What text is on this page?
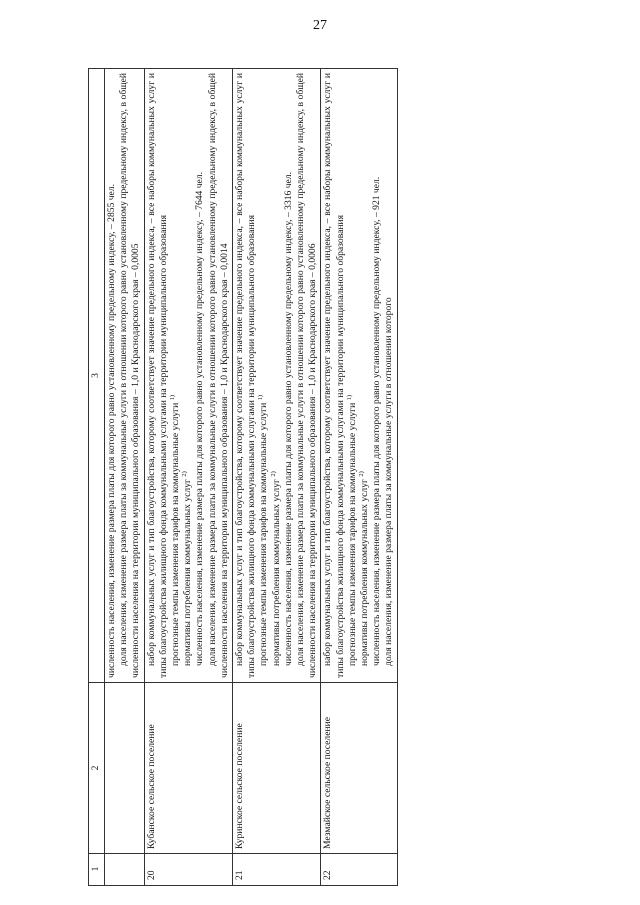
27
1	2	3

		численность населения, изменение размера платы для которого равно установленному предельному индексу, – 2855 чел. доля населения, изменение размера платы за коммунальные услуги в отношении которого равно установленному предельному индексу, в общей численности населения на территории муниципального образования – 1,0 и Краснодарского края – 0,0005

20	Кубанское сельское поселение	набор коммунальных услуг и тип благоустройства, которому соответствует значение предельного индекса, – все наборы коммунальных услуг и типы благоустройства жилищного фонда коммунальными услугами на территории муниципального образования прогнозные темпы изменения тарифов на коммунальные услуги $^{1)}$

нормативы потребления коммунальных услуг $^{2)}$ численность населения, изменение размера платы для которого равно установленному предельному индексу, – 7644 чел. доля населения, изменение размера платы за коммунальные услуги в отношении которого равно установленному предельному индексу, в общей численности населения на территории муниципального образования – 1,0 и Краснодарского края – 0,0014

21	Куринское сельское поселение	набор коммунальных услуг и тип благоустройства, которому соответствует значение предельного индекса, – все наборы коммунальных услуг и типы благоустройства жилищного фонда коммунальными услугами на территории муниципального образования прогнозные темпы изменения тарифов на коммунальные услуги $^{1)}$

нормативы потребления коммунальных услуг $^{2)}$ численность населения, изменение размера платы для которого равно установленному предельному индексу, – 3316 чел. доля населения, изменение размера платы за коммунальные услуги в отношении которого равно установленному предельному индексу, в общей численности населения на территории муниципального образования – 1,0 и Краснодарского края – 0,0006

22	Мезмайское сельское поселение	набор коммунальных услуг и тип благоустройства, которому соответствует значение предельного индекса, – все наборы коммунальных услуг и типы благоустройства жилищного фонда коммунальными услугами на территории муниципального образования прогнозные темпы изменения тарифов на коммунальные услуги $^{1)}$

нормативы потребления коммунальных услуг $^{2)}$ численность населения, изменение размера платы для которого равно установленному предельному индексу, – 921 чел. доля населения, изменение размера платы за коммунальные услуги в отношении которого
